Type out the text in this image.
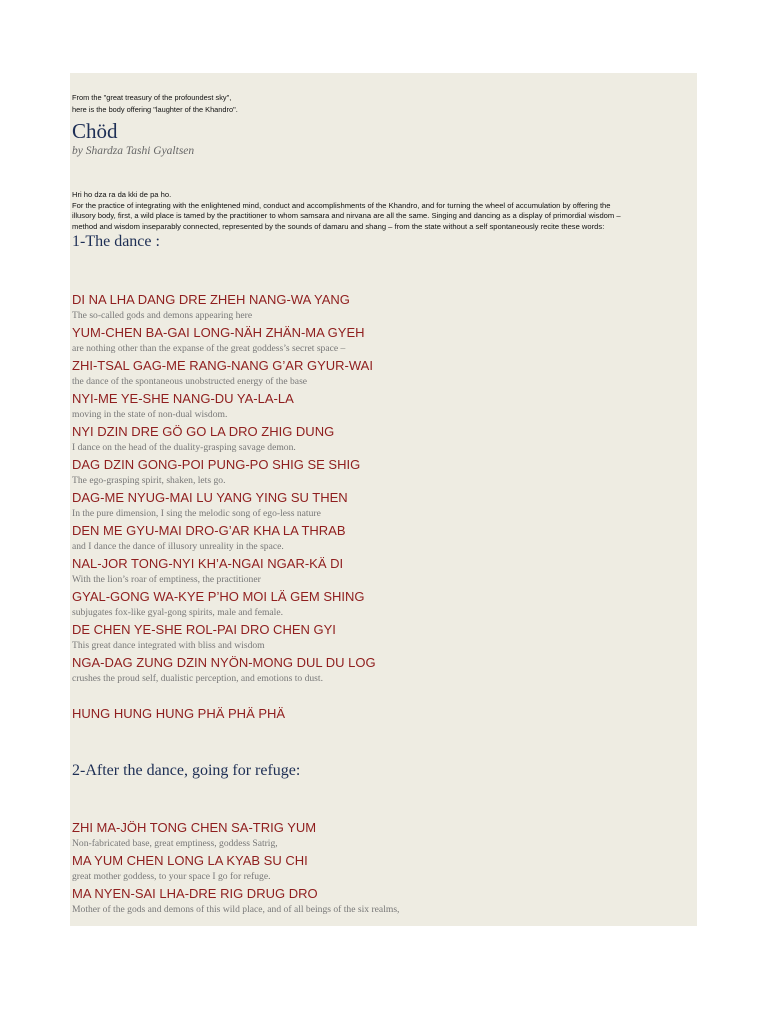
From the "great treasury of the profoundest sky",

here is the body offering "laughter of the Khandro".

Chöd

by Shardza Tashi Gyaltsen

Hri ho dza ra da kki de pa ho.
For the practice of integrating with the enlightened mind, conduct and accomplishments of the Khandro, and for turning the wheel of accumulation by offering the
illusory body, first, a wild place is tamed by the practitioner to whom samsara and nirvana are all the same. Singing and dancing as a display of primordial wisdom –
method and wisdom inseparably connected, represented by the sounds of damaru and shang – from the state without a self spontaneously recite these words:
1-The dance :
DI NA LHA DANG DRE ZHEH NANG-WA YANG
The so-called gods and demons appearing here
YUM-CHEN BA-GAI LONG-NÄH ZHÄN-MA GYEH
are nothing other than the expanse of the great goddess’s secret space –
ZHI-TSAL GAG-ME RANG-NANG G’AR GYUR-WAI
the dance of the spontaneous unobstructed energy of the base
NYI-ME YE-SHE NANG-DU YA-LA-LA
moving in the state of non-dual wisdom.
NYI DZIN DRE GÖ GO LA DRO ZHIG DUNG
I dance on the head of the duality-grasping savage demon.
DAG DZIN GONG-POI PUNG-PO SHIG SE SHIG
The ego-grasping spirit, shaken, lets go.
DAG-ME NYUG-MAI LU YANG YING SU THEN
In the pure dimension, I sing the melodic song of ego-less nature
DEN ME GYU-MAI DRO-G’AR KHA LA THRAB
and I dance the dance of illusory unreality in the space.
NAL-JOR TONG-NYI KH’A-NGAI NGAR-KÄ DI
With the lion’s roar of emptiness, the practitioner
GYAL-GONG WA-KYE P’HO MOI LÄ GEM SHING
subjugates fox-like gyal-gong spirits, male and female.
DE CHEN YE-SHE ROL-PAI DRO CHEN GYI
This great dance integrated with bliss and wisdom
NGA-DAG ZUNG DZIN NYÖN-MONG DUL DU LOG
crushes the proud self, dualistic perception, and emotions to dust.
HUNG HUNG HUNG PHÄ PHÄ PHÄ
2-After the dance, going for refuge:
ZHI MA-JÖH TONG CHEN SA-TRIG YUM
Non-fabricated base, great emptiness, goddess Satrig,
MA YUM CHEN LONG LA KYAB SU CHI
great mother goddess, to your space I go for refuge.
MA NYEN-SAI LHA-DRE RIG DRUG DRO
Mother of the gods and demons of this wild place, and of all beings of the six realms,
